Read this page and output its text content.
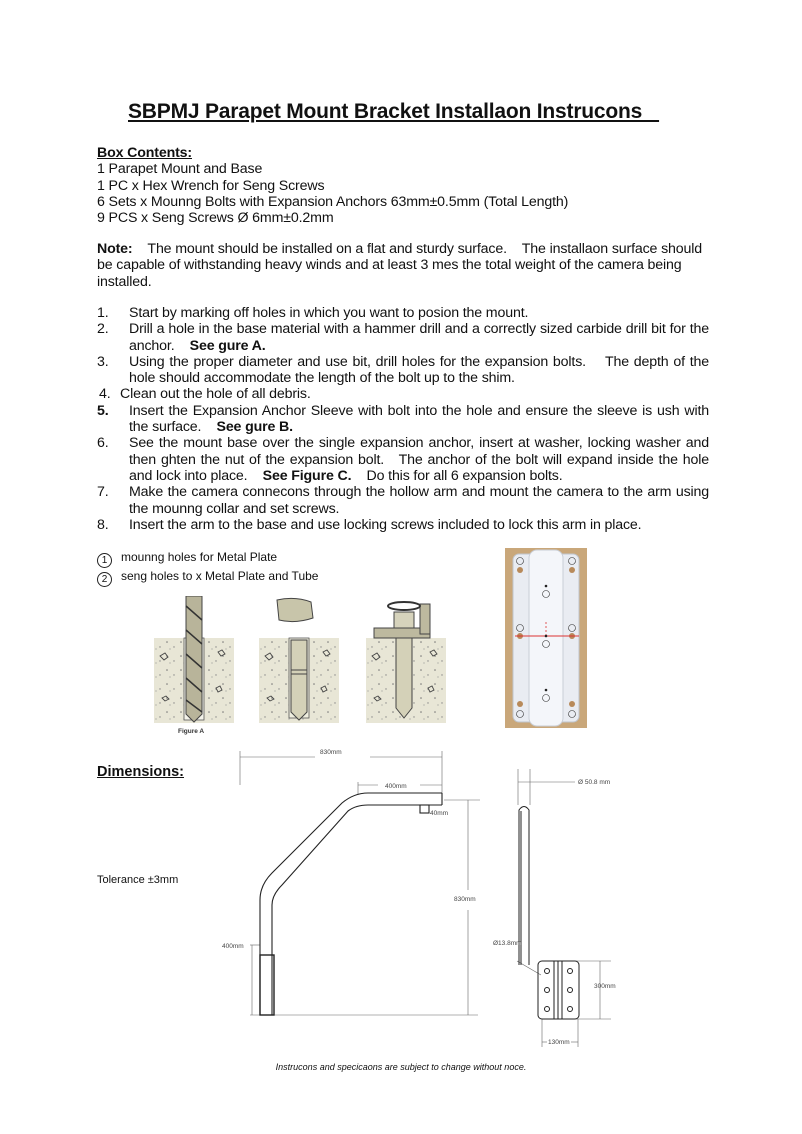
SBPMJ Parapet Mount Bracket Installaon Instrucons
Box Contents:
1 Parapet Mount and Base
1 PC x Hex Wrench for Seng Screws
6 Sets x Mounng Bolts with Expansion Anchors 63mm±0.5mm (Total Length)
9 PCS x Seng Screws Ø 6mm±0.2mm
Note:    The mount should be installed on a flat and sturdy surface.    The installaon surface should be capable of withstanding heavy winds and at least 3 mes the total weight of the camera being installed.
1. Start by marking off holes in which you want to posion the mount.
2. Drill a hole in the base material with a hammer drill and a correctly sized carbide drill bit for the anchor.    See gure A.
3. Using the proper diameter and use bit, drill holes for the expansion bolts.    The depth of the hole should accommodate the length of the bolt up to the shim.
4. Clean out the hole of all debris.
5. Insert the Expansion Anchor Sleeve with bolt into the hole and ensure the sleeve is ush with the surface.    See gure B.
6. See the mount base over the single expansion anchor, insert at washer, locking washer and then ghten the nut of the expansion bolt.   The anchor of the bolt will expand inside the hole and lock into place.    See Figure C.    Do this for all 6 expansion bolts.
7. Make the camera connecons through the hollow arm and mount the camera to the arm using the mounng collar and set screws.
8. Insert the arm to the base and use locking screws included to lock this arm in place.
1 mounng holes for Metal Plate
2 seng holes to x Metal Plate and Tube
Figure A
Dimensions:
Tolerance ±3mm
830mm
400mm
40mm
830mm
400mm
Ø 50.8 mm
Ø13.8mm
300mm
130mm
Instrucons and specicaons are subject to change without noce.
